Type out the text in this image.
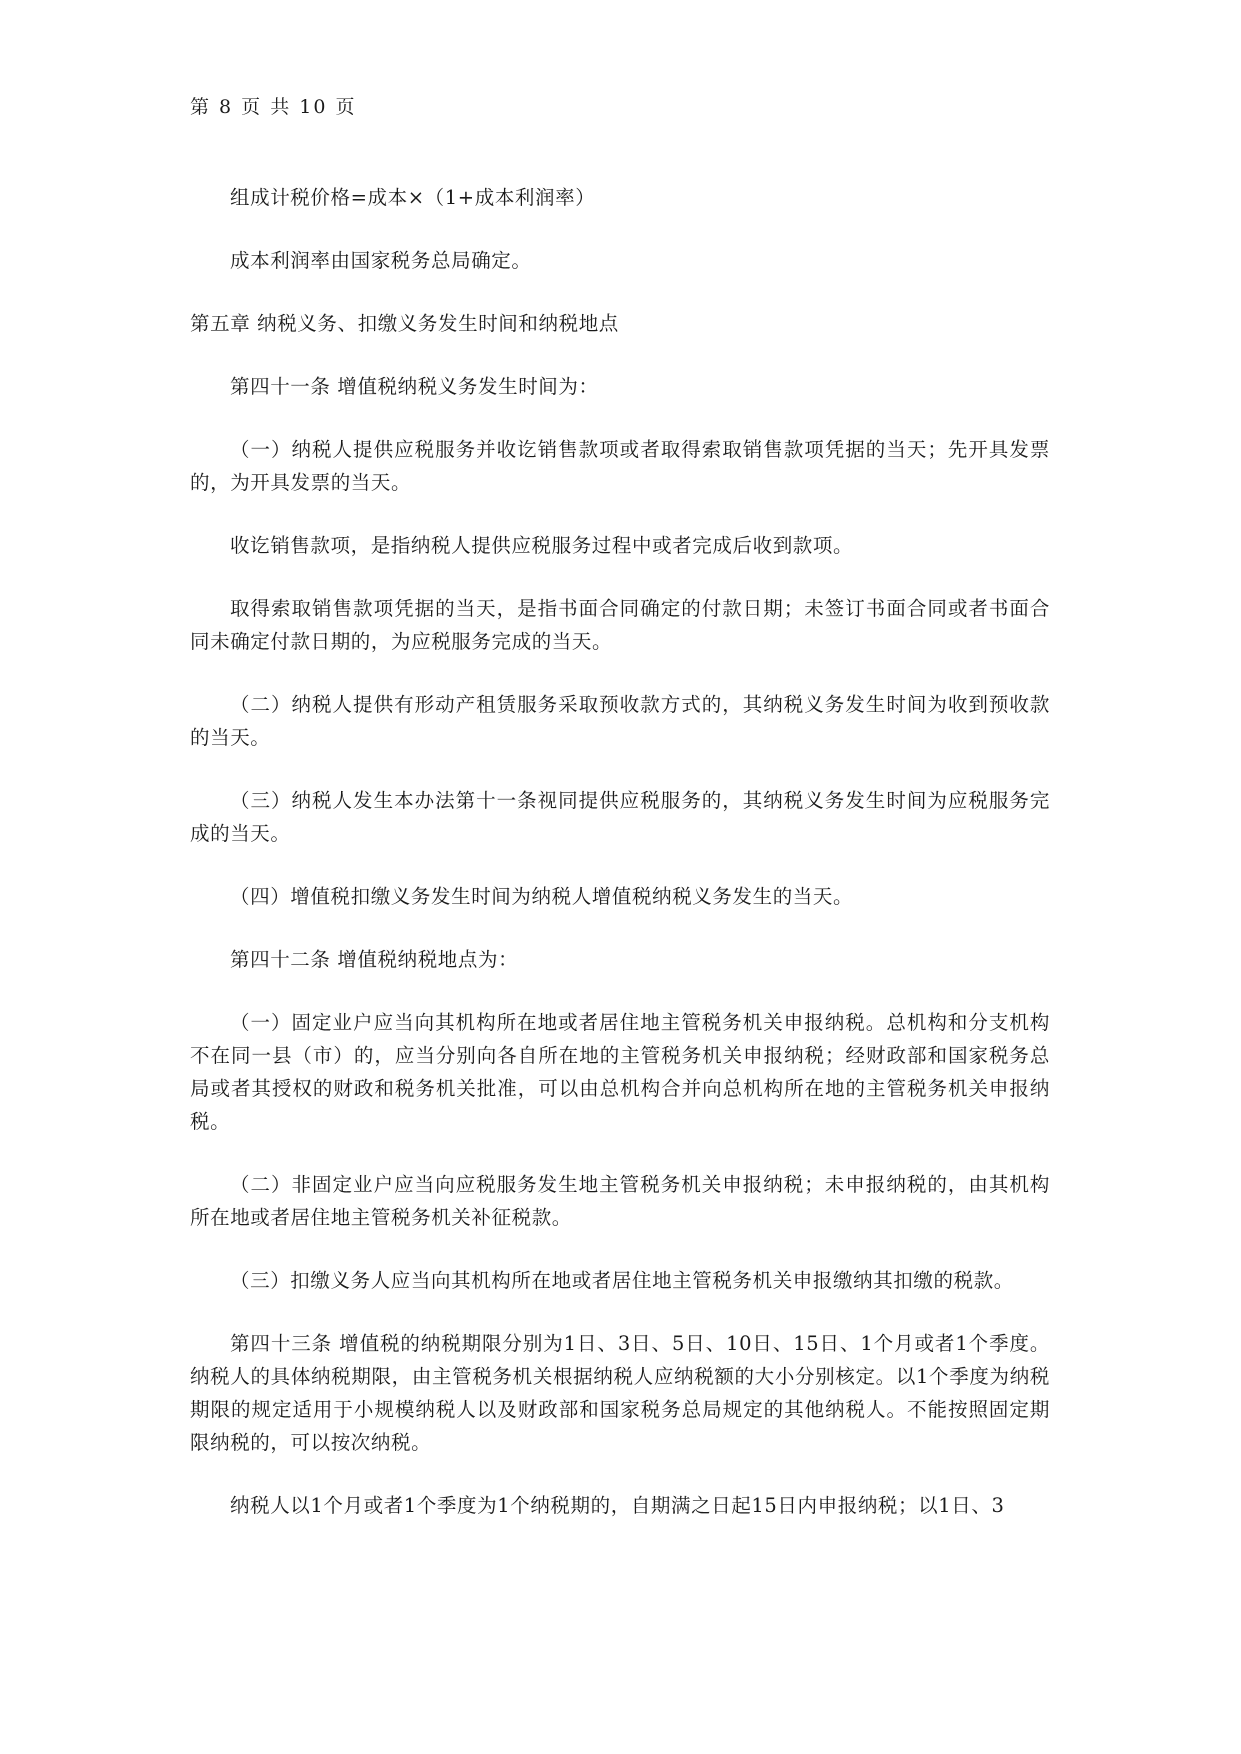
第 8 页 共 10 页

组成计税价格=成本×（1+成本利润率）

成本利润率由国家税务总局确定。

第五章 纳税义务、扣缴义务发生时间和纳税地点

第四十一条 增值税纳税义务发生时间为：

（一）纳税人提供应税服务并收讫销售款项或者取得索取销售款项凭据的当天；先开具发票的，为开具发票的当天。

收讫销售款项，是指纳税人提供应税服务过程中或者完成后收到款项。

取得索取销售款项凭据的当天，是指书面合同确定的付款日期；未签订书面合同或者书面合同未确定付款日期的，为应税服务完成的当天。

（二）纳税人提供有形动产租赁服务采取预收款方式的，其纳税义务发生时间为收到预收款的当天。

（三）纳税人发生本办法第十一条视同提供应税服务的，其纳税义务发生时间为应税服务完成的当天。

（四）增值税扣缴义务发生时间为纳税人增值税纳税义务发生的当天。

第四十二条 增值税纳税地点为：

（一）固定业户应当向其机构所在地或者居住地主管税务机关申报纳税。总机构和分支机构不在同一县（市）的，应当分别向各自所在地的主管税务机关申报纳税；经财政部和国家税务总局或者其授权的财政和税务机关批准，可以由总机构合并向总机构所在地的主管税务机关申报纳税。

（二）非固定业户应当向应税服务发生地主管税务机关申报纳税；未申报纳税的，由其机构所在地或者居住地主管税务机关补征税款。

（三）扣缴义务人应当向其机构所在地或者居住地主管税务机关申报缴纳其扣缴的税款。

第四十三条 增值税的纳税期限分别为1日、3日、5日、10日、15日、1个月或者1个季度。纳税人的具体纳税期限，由主管税务机关根据纳税人应纳税额的大小分别核定。以1个季度为纳税期限的规定适用于小规模纳税人以及财政部和国家税务总局规定的其他纳税人。不能按照固定期限纳税的，可以按次纳税。

纳税人以1个月或者1个季度为1个纳税期的，自期满之日起15日内申报纳税；以1日、3
